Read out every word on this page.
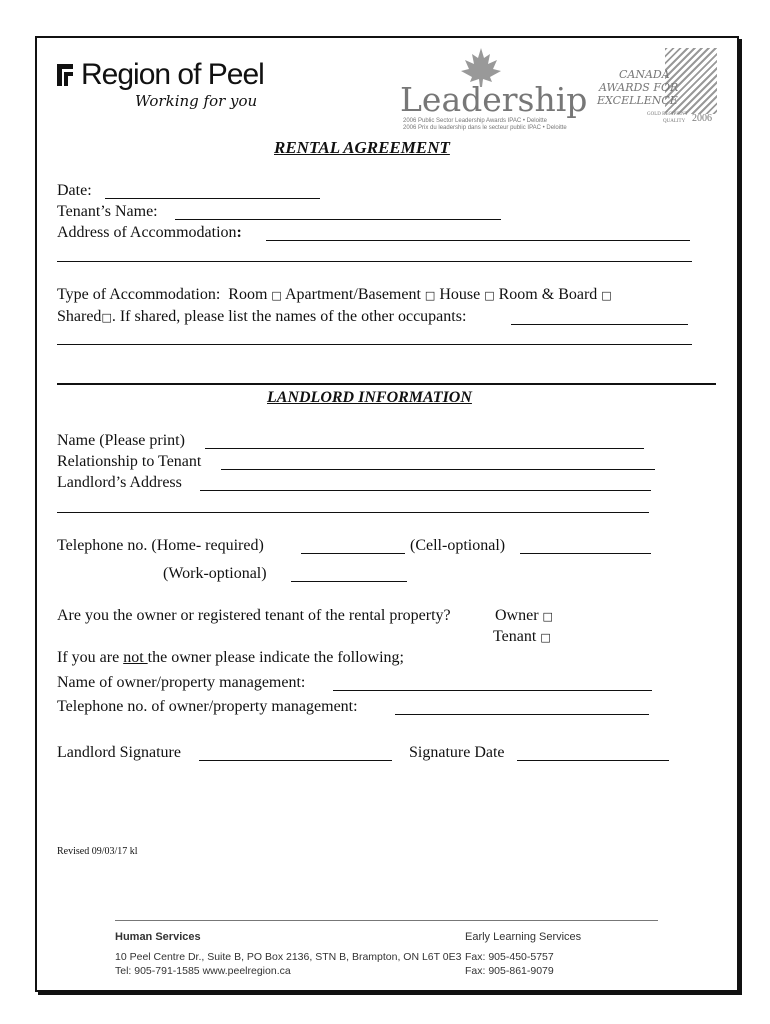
Region of Peel
Working for you	Leadership
2006 Public Sector Leadership Awards IPAC • Deloitte
2006 Prix du leadership dans le secteur public IPAC • Deloitte
CANADA
AWARDS FOR
EXCELLENCE
GOLD RECIPIENT
QUALITY 2006
RENTAL AGREEMENT
Date:
Tenant’s Name:
Address of Accommodation:
Type of Accommodation: Room □ Apartment/Basement □ House □ Room & Board □
Shared□. If shared, please list the names of the other occupants:
LANDLORD INFORMATION
Name (Please print)
Relationship to Tenant
Landlord’s Address
Telephone no. (Home- required)	(Cell-optional)
(Work-optional)
Are you the owner or registered tenant of the rental property?	Owner □
Tenant □
If you are not the owner please indicate the following;
Name of owner/property management:
Telephone no. of owner/property management:
Landlord Signature	Signature Date
Revised 09/03/17 kl
Human Services
10 Peel Centre Dr., Suite B, PO Box 2136, STN B, Brampton, ON L6T 0E3
Tel: 905-791-1585 www.peelregion.ca
Early Learning Services
Fax: 905-450-5757
Fax: 905-861-9079
